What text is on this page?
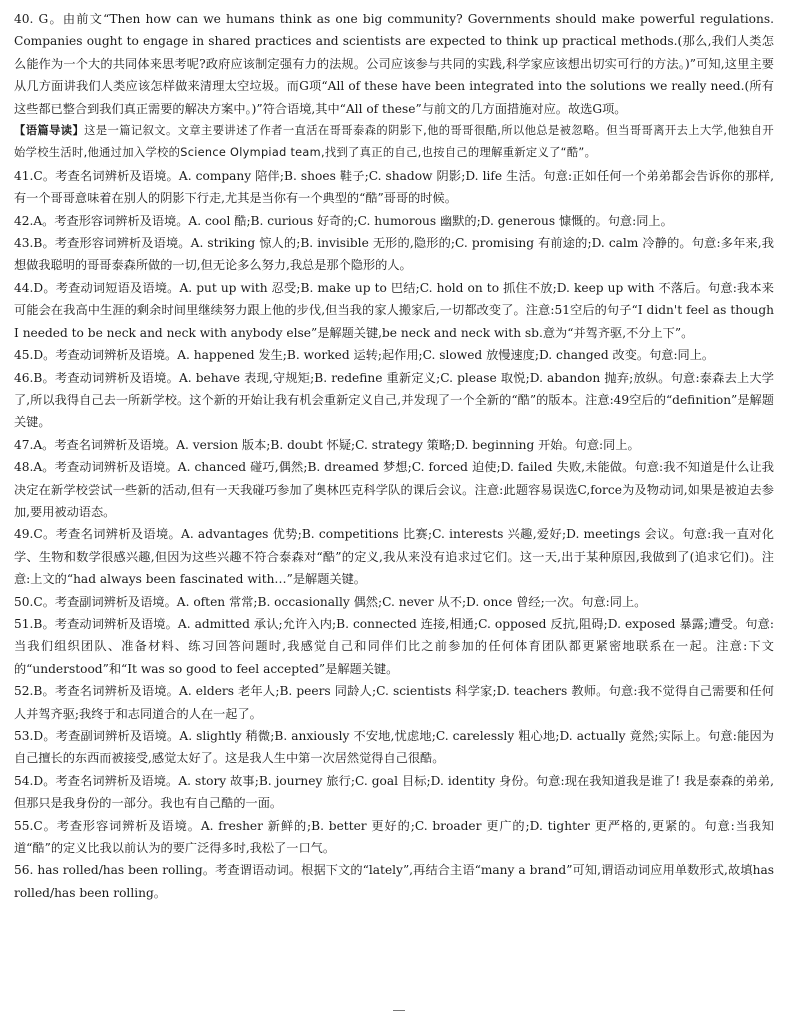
40. G。由前文“Then how can we humans think as one big community? Governments should make powerful regulations. Companies ought to engage in shared practices and scientists are expected to think up practical methods.(那么,我们人类怎么能作为一个大的共同体来思考呢?政府应该制定强有力的法规。公司应该参与共同的实践,科学家应该想出切实可行的方法。)”可知,这里主要从几方面讲我们人类应该怎样做来清理太空垃圾。而G项“All of these have been integrated into the solutions we really need.(所有这些都已整合到我们真正需要的解决方案中。)”符合语境,其中“All of these”与前文的几方面措施对应。故选G项。
【语篇导读】这是一篇记叙文。文章主要讲述了作者一直活在哥哥泰森的阴影下,他的哥哥很酷,所以他总是被忽略。但当哥哥离开去上大学,他独自开始学校生活时,他通过加入学校的Science Olympiad team,找到了真正的自己,也按自己的理解重新定义了“酷”。
41.C。考查名词辨析及语境。A. company 陪伴;B. shoes 鞋子;C. shadow 阴影;D. life 生活。句意:正如任何一个弟弟都会告诉你的那样,有一个哥哥意味着在别人的阴影下行走,尤其是当你有一个典型的“酷”哥哥的时候。
42.A。考查形容词辨析及语境。A. cool 酷;B. curious 好奇的;C. humorous 幽默的;D. generous 慷慨的。句意:同上。
43.B。考查形容词辨析及语境。A. striking 惊人的;B. invisible 无形的,隐形的;C. promising 有前途的;D. calm 冷静的。句意:多年来,我想做我聪明的哥哥泰森所做的一切,但无论多么努力,我总是那个隐形的人。
44.D。考查动词短语及语境。A. put up with 忍受;B. make up to 巴结;C. hold on to 抓住不放;D. keep up with 不落后。句意:我本来可能会在我高中生涯的剩余时间里继续努力跟上他的步伐,但当我的家人搬家后,一切都改变了。注意:51空后的句子“I didn't feel as though I needed to be neck and neck with anybody else”是解题关键,be neck and neck with sb.意为“并驾齐驱,不分上下”。
45.D。考查动词辨析及语境。A. happened 发生;B. worked 运转;起作用;C. slowed 放慢速度;D. changed 改变。句意:同上。
46.B。考查动词辨析及语境。A. behave 表现,守规矩;B. redefine 重新定义;C. please 取悦;D. abandon 抛弃;放纵。句意:泰森去上大学了,所以我得自己去一所新学校。这个新的开始让我有机会重新定义自己,并发现了一个全新的“酷”的版本。注意:49空后的“definition”是解题关键。
47.A。考查名词辨析及语境。A. version 版本;B. doubt 怀疑;C. strategy 策略;D. beginning 开始。句意:同上。
48.A。考查动词辨析及语境。A. chanced 碰巧,偶然;B. dreamed 梦想;C. forced 迫使;D. failed 失败,未能做。句意:我不知道是什么让我决定在新学校尝试一些新的活动,但有一天我碰巧参加了奥林匹克科学队的课后会议。注意:此题容易误选C,force为及物动词,如果是被迫去参加,要用被动语态。
49.C。考查名词辨析及语境。A. advantages 优势;B. competitions 比赛;C. interests 兴趣,爱好;D. meetings 会议。句意:我一直对化学、生物和数学很感兴趣,但因为这些兴趣不符合泰森对“酷”的定义,我从来没有追求过它们。这一天,出于某种原因,我做到了(追求它们)。注意:上文的“had always been fascinated with…”是解题关键。
50.C。考查副词辨析及语境。A. often 常常;B. occasionally 偶然;C. never 从不;D. once 曾经;一次。句意:同上。
51.B。考查动词辨析及语境。A. admitted 承认;允许入内;B. connected 连接,相通;C. opposed 反抗,阻碍;D. exposed 暴露;遭受。句意:当我们组织团队、准备材料、练习回答问题时,我感觉自己和同伴们比之前参加的任何体育团队都更紧密地联系在一起。注意:下文的“understood”和“It was so good to feel accepted”是解题关键。
52.B。考查名词辨析及语境。A. elders 老年人;B. peers 同龄人;C. scientists 科学家;D. teachers 教师。句意:我不觉得自己需要和任何人并驾齐驱;我终于和志同道合的人在一起了。
53.D。考查副词辨析及语境。A. slightly 稍微;B. anxiously 不安地,忧虑地;C. carelessly 粗心地;D. actually 竟然;实际上。句意:能因为自己擅长的东西而被接受,感觉太好了。这是我人生中第一次居然觉得自己很酷。
54.D。考查名词辨析及语境。A. story 故事;B. journey 旅行;C. goal 目标;D. identity 身份。句意:现在我知道我是谁了! 我是泰森的弟弟,但那只是我身份的一部分。我也有自己酷的一面。
55.C。考查形容词辨析及语境。A. fresher 新鲜的;B. better 更好的;C. broader 更广的;D. tighter 更严格的,更紧的。句意:当我知道“酷”的定义比我以前认为的要广泛得多时,我松了一口气。
56. has rolled/has been rolling。考查谓语动词。根据下文的“lately”,再结合主语“many a brand”可知,谓语动词应用单数形式,故填has rolled/has been rolling。
